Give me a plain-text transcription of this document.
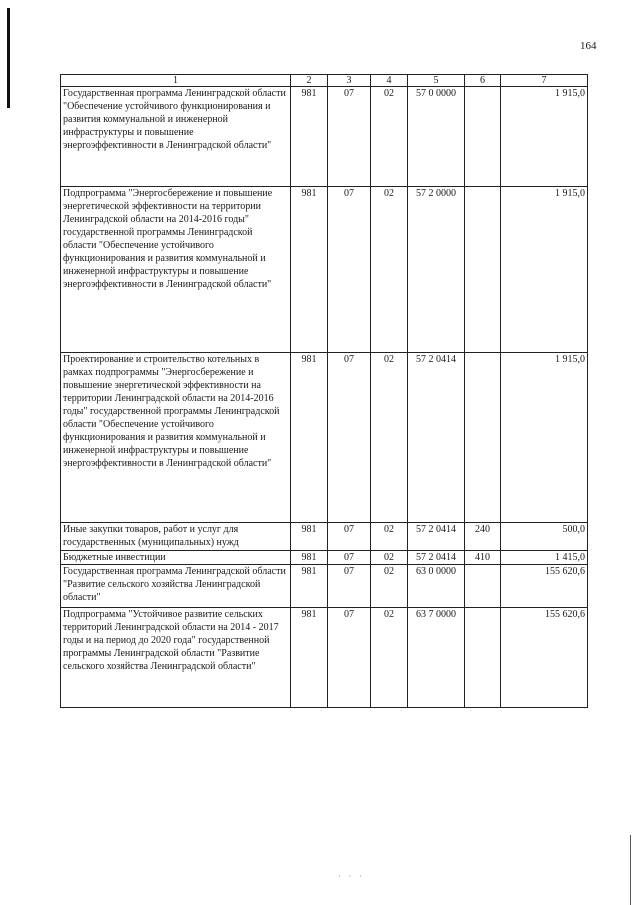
· · ·
164
1	2	3	4	5	6	7
Государственная программа Ленинградской области "Обеспечение устойчивого функционирования и развития коммунальной и инженерной инфраструктуры и повышение энергоэффективности в Ленинградской области"	981	07	02	57 0 0000		1 915,0
Подпрограмма "Энергосбережение и повышение энергетической эффективности на территории Ленинградской области на 2014-2016 годы" государственной программы Ленинградской области "Обеспечение устойчивого функционирования и развития коммунальной и инженерной инфраструктуры и повышение энергоэффективности в Ленинградской области"	981	07	02	57 2 0000		1 915,0
Проектирование и строительство котельных в рамках подпрограммы "Энергосбережение и повышение энергетической эффективности на территории Ленинградской области на 2014-2016 годы" государственной программы Ленинградской области "Обеспечение устойчивого функционирования и развития коммунальной и инженерной инфраструктуры и повышение энергоэффективности в Ленинградской области"	981	07	02	57 2 0414		1 915,0
Иные закупки товаров, работ и услуг для государственных (муниципальных) нужд	981	07	02	57 2 0414	240	500,0
Бюджетные инвестиции	981	07	02	57 2 0414	410	1 415,0
Государственная программа Ленинградской области "Развитие сельского хозяйства Ленинградской области"	981	07	02	63 0 0000		155 620,6
Подпрограмма "Устойчивое развитие сельских территорий Ленинградской области на 2014 - 2017 годы и на период до 2020 года" государственной программы Ленинградской области "Развитие сельского хозяйства Ленинградской области"	981	07	02	63 7 0000		155 620,6
